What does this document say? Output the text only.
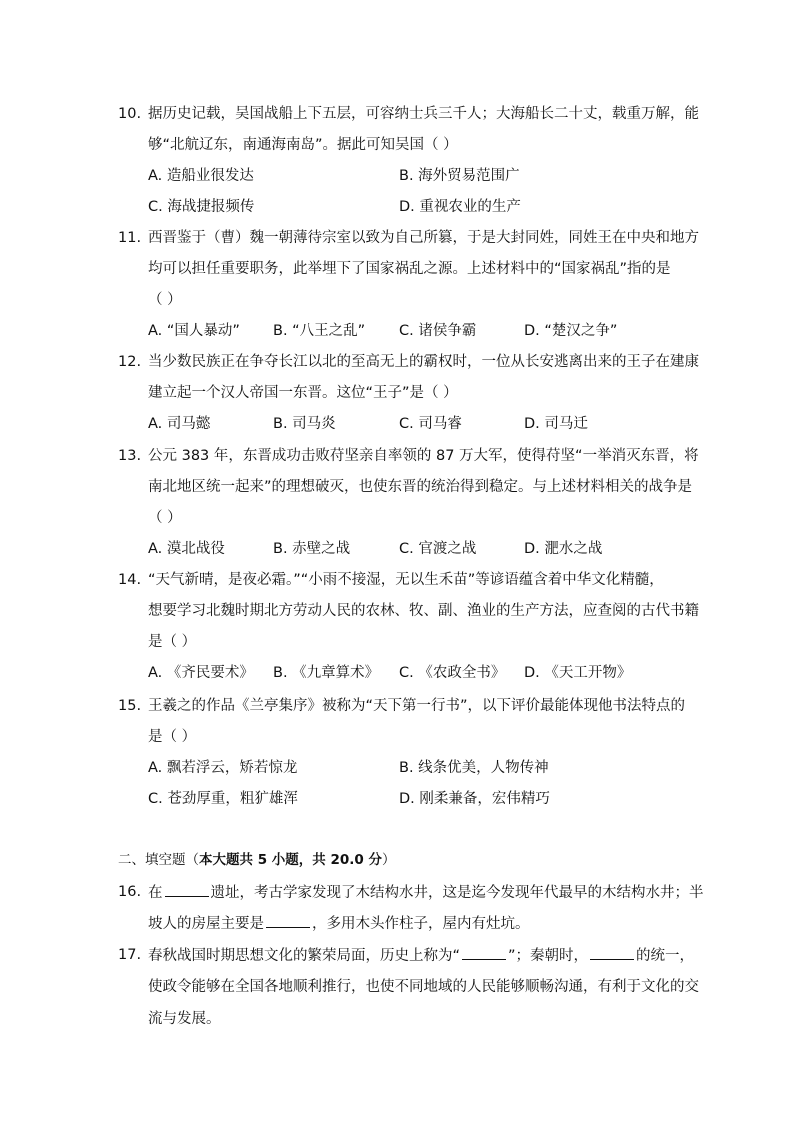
10. 据历史记载，吴国战船上下五层，可容纳士兵三千人；大海船长二十丈，载重万解，能
够“北航辽东，南通海南岛”。据此可知吴国（ ）
A. 造船业很发达	B. 海外贸易范围广
C. 海战捷报频传	D. 重视农业的生产
11. 西晋鉴于（曹）魏一朝薄待宗室以致为自己所篡，于是大封同姓，同姓王在中央和地方
均可以担任重要职务，此举埋下了国家祸乱之源。上述材料中的“国家祸乱”指的是
（ ）
A. “国人暴动” B. “八王之乱” C. 诸侯争霸	D. “楚汉之争”
12. 当少数民族正在争夺长江以北的至高无上的霸权时，一位从长安逃离出来的王子在建康
建立起一个汉人帝国一东晋。这位“王子”是（ ）
A. 司马懿	B. 司马炎	C. 司马睿	D. 司马迁
13. 公元 383 年，东晋成功击败苻坚亲自率领的 87 万大军，使得苻坚“一举消灭东晋，将
南北地区统一起来”的理想破灭，也使东晋的统治得到稳定。与上述材料相关的战争是
（ ）
A. 漠北战役	B. 赤壁之战	C. 官渡之战	D. 淝水之战
14. “天气新晴，是夜必霜。”“小雨不接湿，无以生禾苗”等谚语蕴含着中华文化精髓，
想要学习北魏时期北方劳动人民的农林、牧、副、渔业的生产方法，应查阅的古代书籍
是（ ）
A. 《齐民要术》 B. 《九章算术》 C. 《农政全书》 D. 《天工开物》
15. 王羲之的作品《兰亭集序》被称为“天下第一行书”，以下评价最能体现他书法特点的
是（ ）
A. 飘若浮云，矫若惊龙	B. 线条优美，人物传神
C. 苍劲厚重，粗犷雄浑	D. 刚柔兼备，宏伟精巧
二、填空题（本大题共 5 小题，共 20.0 分）
16. 在	遗址，考古学家发现了木结构水井，这是迄今发现年代最早的木结构水井；半
坡人的房屋主要是	，多用木头作柱子，屋内有灶坑。
17. 春秋战国时期思想文化的繁荣局面，历史上称为“	”；秦朝时，	的统一，
使政令能够在全国各地顺利推行，也使不同地域的人民能够顺畅沟通，有利于文化的交
流与发展。
